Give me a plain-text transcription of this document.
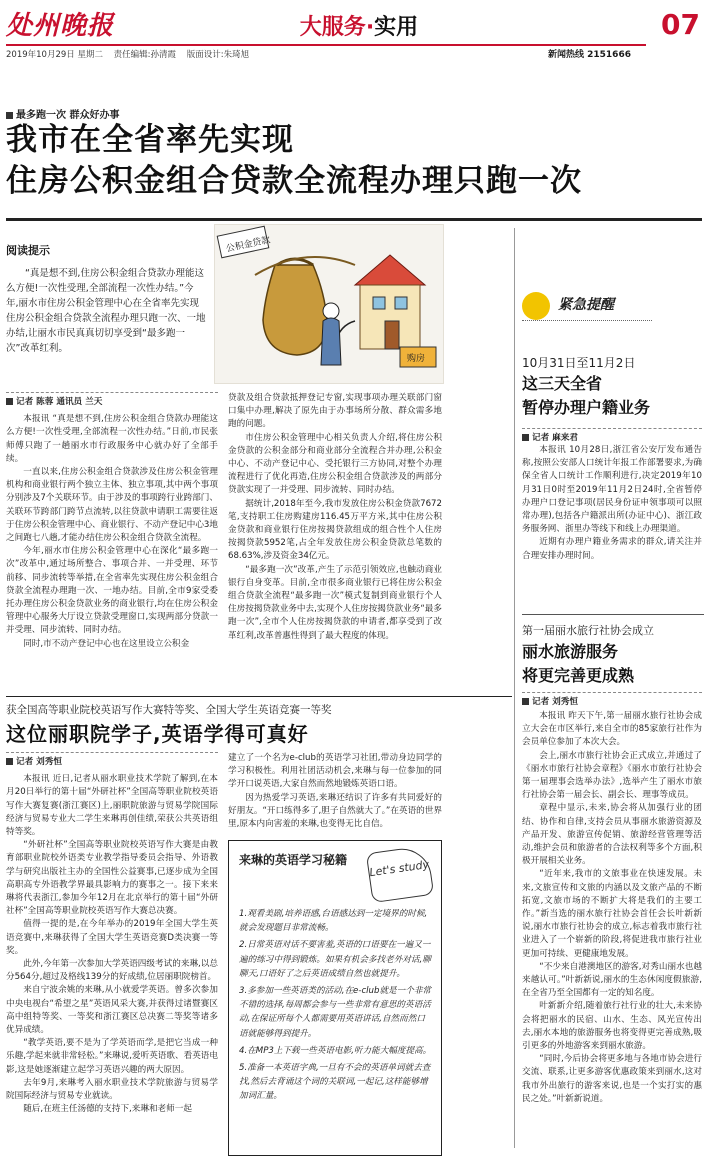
处州晚报	大服务·实用	07
2019年10月29日 星期二 责任编辑:孙清霞 版面设计:朱琦旭	新闻热线 2151666
最多跑一次 群众好办事
我市在全省率先实现
住房公积金组合贷款全流程办理只跑一次
阅读提示
“真是想不到,住房公积金组合贷款办理能这么方便!一次性受理,全部流程一次性办结。”今年,丽水市住房公积金管理中心在全省率先实现住房公积金组合贷款全流程办理只跑一次、一地办结,让丽水市民真真切切享受到“最多跑一次”改革红利。
公积金贷款
购房
记者 陈蓉 通讯员 兰天

本报讯 “真是想不到,住房公积金组合贷款办理能这么方便!一次性受理,全部流程一次性办结。”日前,市民张师傅只跑了一趟丽水市行政服务中心就办好了全部手续。

一直以来,住房公积金组合贷款涉及住房公积金管理机构和商业银行两个独立主体、独立事项,其中两个事项分别涉及7个关联环节。由于涉及的事项跨行业跨部门、关联环节跨部门跨节点流转,以往贷款申请职工需要往返于住房公积金管理中心、商业银行、不动产登记中心3地之间跑七八趟,才能办结住房公积金组合贷款全流程。

今年,丽水市住房公积金管理中心在深化“最多跑一次”改革中,通过场所整合、事项合并、一并受理、环节前移、同步流转等举措,在全省率先实现住房公积金组合贷款全流程办理跑一次、一地办结。目前,全市9家受委托办理住房公积金贷款业务的商业银行,均在住房公积金管理中心服务大厅设立贷款受理窗口,实现两部分贷款一并受理、同步流转、同时办结。

同时,市不动产登记中心也在这里设立公积金

贷款及组合贷款抵押登记专窗,实现事项办理关联部门窗口集中办理,解决了原先由于办事场所分散、群众需多地跑的问题。

市住房公积金管理中心相关负责人介绍,将住房公积金贷款的公积金部分和商业部分全流程合并办理,公积金中心、不动产登记中心、受托银行三方协同,对整个办理流程进行了优化再造,住房公积金组合贷款涉及的两部分贷款实现了一并受理、同步流转、同时办结。

据统计,2018年至今,我市发放住房公积金贷款7672笔,支持职工住房购建房116.45万平方米,其中住房公积金贷款和商业银行住房按揭贷款组成的组合性个人住房按揭贷款5952笔,占全年发放住房公积金贷款总笔数的68.63%,涉及资金34亿元。

“最多跑一次”改革,产生了示范引领效应,也触动商业银行自身变革。目前,全市很多商业银行已将住房公积金组合贷款全流程“最多跑一次”模式复制到商业银行个人住房按揭贷款业务中去,实现个人住房按揭贷款业务“最多跑一次”,全市个人住房按揭贷款的申请者,都享受到了改革红利,改革普惠性得到了最大程度的体现。

获全国高等职业院校英语写作大赛特等奖、全国大学生英语竞赛一等奖
这位丽职院学子,英语学得可真好
记者 刘秀恒

本报讯 近日,记者从丽水职业技术学院了解到,在本月20日举行的第十届“外研社杯”全国高等职业院校英语写作大赛复赛(浙江赛区)上,丽职院旅游与贸易学院国际经济与贸易专业大二学生来琳再创佳绩,荣获公共英语组特等奖。

“外研社杯”全国高等职业院校英语写作大赛是由教育部职业院校外语类专业教学指导委员会指导、外语教学与研究出版社主办的全国性公益赛事,已逐步成为全国高职高专外语教学界最具影响力的赛事之一。接下来来琳将代表浙江,参加今年12月在北京举行的第十届“外研社杯”全国高等职业院校英语写作大赛总决赛。

值得一提的是,在今年举办的2019年全国大学生英语竞赛中,来琳获得了全国大学生英语竞赛D类决赛一等奖。

此外,今年第一次参加大学英语四级考试的来琳,以总分564分,超过及格线139分的好成绩,位居丽职院榜首。

来自宁波余姚的来琳,从小就爱学英语。曾多次参加中央电视台“希望之星”英语风采大赛,并获得过诸暨赛区高中组特等奖、一等奖和浙江赛区总决赛二等奖等诸多优异成绩。

“教学英语,要不是为了学英语而学,是把它当成一种乐趣,学起来就非常轻松。”来琳说,爱听英语歌、看英语电影,这是她逐渐建立起学习英语兴趣的两大原因。

去年9月,来琳考入丽水职业技术学院旅游与贸易学院国际经济与贸易专业就读。

随后,在班主任汤德的支持下,来琳和老师一起

建立了一个名为e-club的英语学习社团,带动身边同学的学习积极性。利用社团活动机会,来琳与每一位参加的同学开口说英语,大家自然而然地锻炼英语口语。

因为热爱学习英语,来琳还结识了许多有共同爱好的好朋友。“开口练得多了,胆子自然就大了。”在英语的世界里,原本内向害羞的来琳,也变得无比自信。

来琳的英语学习秘籍 Let's study
1.观看美剧,培养语感,台语感达到一定境界的时候,就会发现题目非常流畅。
2.日常英语对话不要害羞,英语的口语要在一遍又一遍的练习中得到锻炼。如果有机会多找老外对话,聊聊天,口语好了之后英语成绩自然也就提升。
3.多参加一些英语类的活动,在e-club就是一个非常不错的选择,每周都会参与一些非常有意思的英语活动,在保证所每个人都需要用英语讲话,自然而然口语就能够得到提升。
4.在MP3上下载一些英语电影,听力能大幅度提高。
5.准备一本英语字典,一旦有不会的英语单词就去查找,然后去背诵这个词的关联词,一起记,这样能够增加词汇量。
紧急提醒
10月31日至11月2日
这三天全省
暂停办理户籍业务
记者 麻来君

本报讯 10月28日,浙江省公安厅发布通告称,按照公安部人口统计年报工作部署要求,为确保全省人口统计工作顺利进行,决定2019年10月31日0时至2019年11月2日24时,全省暂停办理户口登记事项(居民身份证申领事项可以照常办理),包括各户籍派出所(办证中心)、浙江政务服务网、浙里办等线下和线上办理渠道。

近期有办理户籍业务需求的群众,请关注并合理安排办理时间。

第一届丽水旅行社协会成立
丽水旅游服务
将更完善更成熟
记者 刘秀恒

本报讯 昨天下午,第一届丽水旅行社协会成立大会在市区举行,来自全市的85家旅行社作为会员单位参加了本次大会。

会上,丽水市旅行社协会正式成立,并通过了《丽水市旅行社协会章程》《丽水市旅行社协会第一届理事会选举办法》,选举产生了丽水市旅行社协会第一届会长、副会长、理事等成员。

章程中显示,未来,协会将从加强行业的团结、协作和自律,支持会员从事丽水旅游资源及产品开发、旅游宣传促销、旅游经营管理等活动,维护会员和旅游者的合法权利等多个方面,积极开展相关业务。

“近年来,我市的文旅事业在快速发展。未来,文旅宣传和文旅的内涵以及文旅产品的不断拓宽,文旅市场的不断扩大将是我们的主要工作。”新当选的丽水旅行社协会首任会长叶新新说,丽水市旅行社协会的成立,标志着我市旅行社业进入了一个崭新的阶段,将促进我市旅行社业更加可持续、更健康地发展。

“不少来自港澳地区的游客,对秀山丽水也越来越认可。”叶新新说,丽水的生态休闲度假旅游,在全省乃至全国都有一定的知名度。

叶新新介绍,随着旅行社行业的壮大,未来协会将把丽水的民宿、山水、生态、风光宣传出去,丽水本地的旅游服务也将变得更完善成熟,吸引更多的外地游客来到丽水旅游。

“同时,今后协会将更多地与各地市协会进行交流、联系,让更多游客优惠政策来到丽水,这对我市外出旅行的游客来说,也是一个实打实的惠民之处。”叶新新说道。
